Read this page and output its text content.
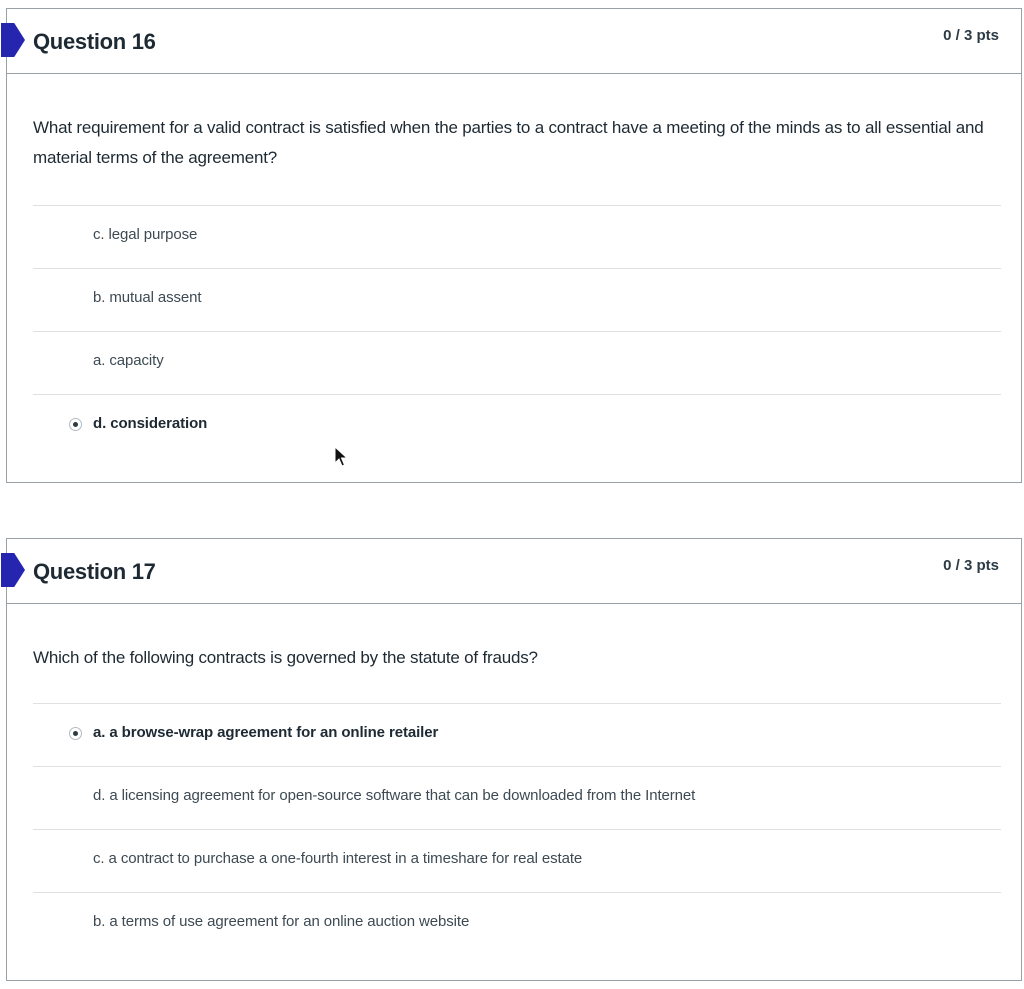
Question 16	0 / 3 pts
What requirement for a valid contract is satisfied when the parties to a contract have a meeting of the minds as to all essential and material terms of the agreement?
c. legal purpose
b. mutual assent
a. capacity
d. consideration
Question 17	0 / 3 pts
Which of the following contracts is governed by the statute of frauds?
a. a browse-wrap agreement for an online retailer
d. a licensing agreement for open-source software that can be downloaded from the Internet
c. a contract to purchase a one-fourth interest in a timeshare for real estate
b. a terms of use agreement for an online auction website
